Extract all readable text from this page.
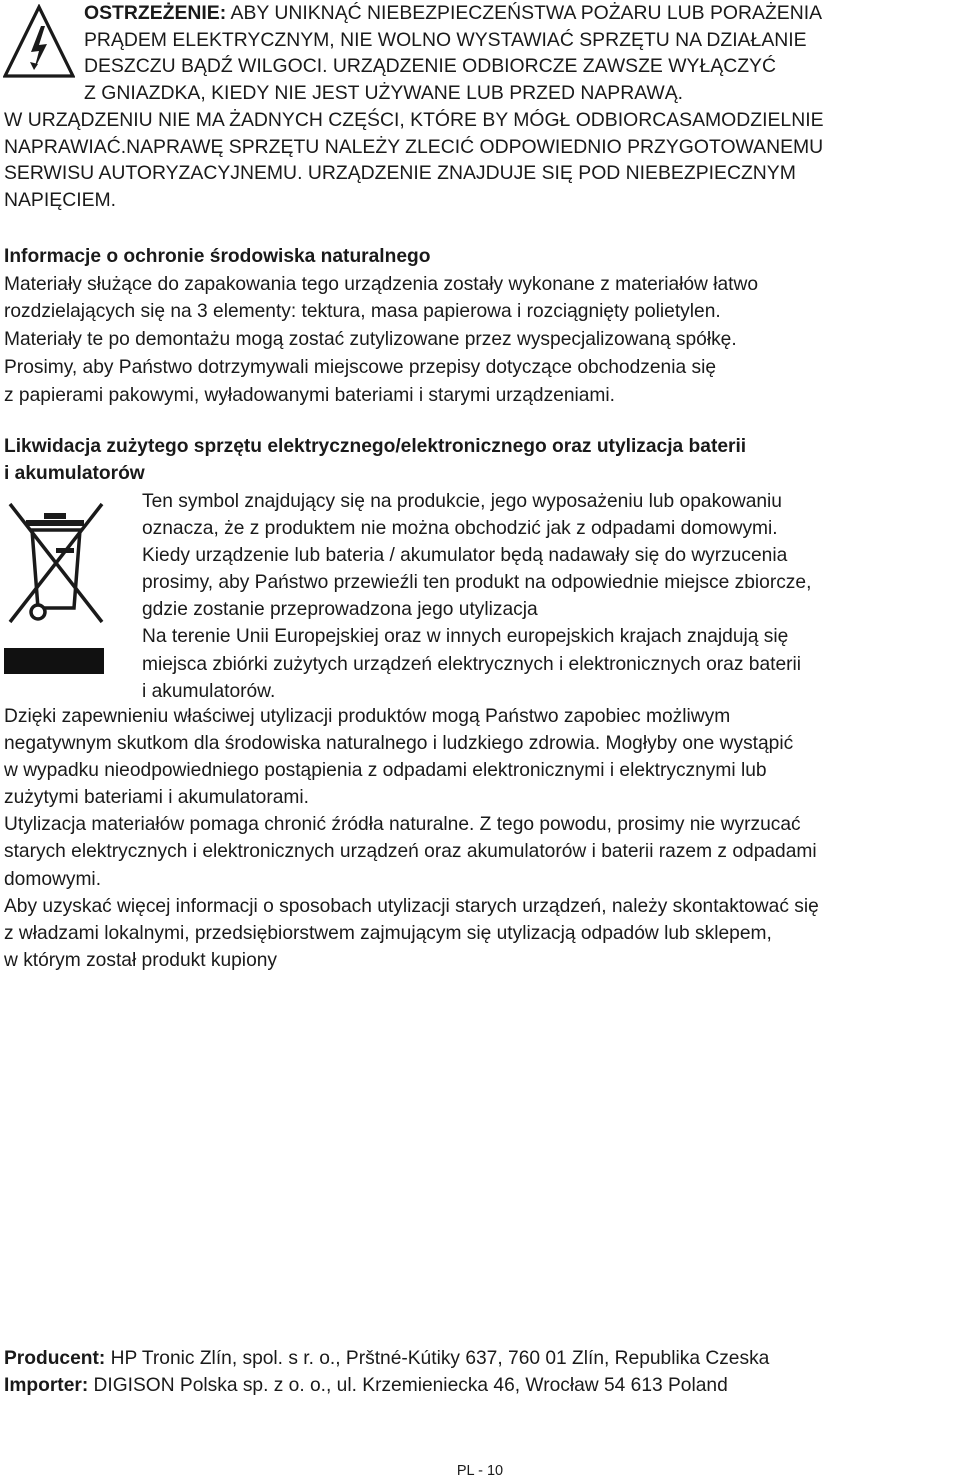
OSTRZEŻENIE: ABY UNIKNĄĆ NIEBEZPIECZEŃSTWA POŻARU LUB PORAŻENIA
PRĄDEM ELEKTRYCZNYM, NIE WOLNO WYSTAWIAĆ SPRZĘTU NA DZIAŁANIE
DESZCZU BĄDŹ WILGOCI. URZĄDZENIE ODBIORCZE ZAWSZE WYŁĄCZYĆ
Z GNIAZDKA, KIEDY NIE JEST UŻYWANE LUB PRZED NAPRAWĄ.
W URZĄDZENIU NIE MA ŻADNYCH CZĘŚCI, KTÓRE BY MÓGŁ ODBIORCASAMODZIELNIE
NAPRAWIAĆ.NAPRAWĘ SPRZĘTU NALEŻY ZLECIĆ ODPOWIEDNIO PRZYGOTOWANEMU
SERWISU AUTORYZACYJNEMU. URZĄDZENIE ZNAJDUJE SIĘ POD NIEBEZPIECZNYM
NAPIĘCIEM.
Informacje o ochronie środowiska naturalnego
Materiały służące do zapakowania tego urządzenia zostały wykonane z materiałów łatwo
rozdzielających się na 3 elementy: tektura, masa papierowa i rozciągnięty polietylen.
Materiały te po demontażu mogą zostać zutylizowane przez wyspecjalizowaną spółkę.
Prosimy, aby Państwo dotrzymywali miejscowe przepisy dotyczące obchodzenia się
z papierami pakowymi, wyładowanymi bateriami i starymi urządzeniami.
Likwidacja zużytego sprzętu elektrycznego/elektronicznego oraz utylizacja baterii
i akumulatorów
Ten symbol znajdujący się na produkcie, jego wyposażeniu lub opakowaniu
oznacza, że z produktem nie można obchodzić jak z odpadami domowymi.
Kiedy urządzenie lub bateria / akumulator będą nadawały się do wyrzucenia
prosimy, aby Państwo przewieźli ten produkt na odpowiednie miejsce zbiorcze,
gdzie zostanie przeprowadzona jego utylizacja
Na terenie Unii Europejskiej oraz w innych europejskich krajach znajdują się
miejsca zbiórki zużytych urządzeń elektrycznych i elektronicznych oraz baterii
i akumulatorów.
Dzięki zapewnieniu właściwej utylizacji produktów mogą Państwo zapobiec możliwym
negatywnym skutkom dla środowiska naturalnego i ludzkiego zdrowia. Mogłyby one wystąpić
w wypadku nieodpowiedniego postąpienia z odpadami elektronicznymi i elektrycznymi lub
zużytymi bateriami i akumulatorami.
Utylizacja materiałów pomaga chronić źródła naturalne. Z tego powodu, prosimy nie wyrzucać
starych elektrycznych i elektronicznych urządzeń oraz akumulatorów i baterii razem z odpadami
domowymi.
Aby uzyskać więcej informacji o sposobach utylizacji starych urządzeń, należy skontaktować się
z władzami lokalnymi, przedsiębiorstwem zajmującym się utylizacją odpadów lub sklepem,
w którym został produkt kupiony
Producent: HP Tronic Zlín, spol. s r. o., Prštné-Kútiky 637, 760 01 Zlín, Republika Czeska
Importer: DIGISON Polska sp. z o. o., ul. Krzemieniecka 46, Wrocław 54 613 Poland
PL - 10
